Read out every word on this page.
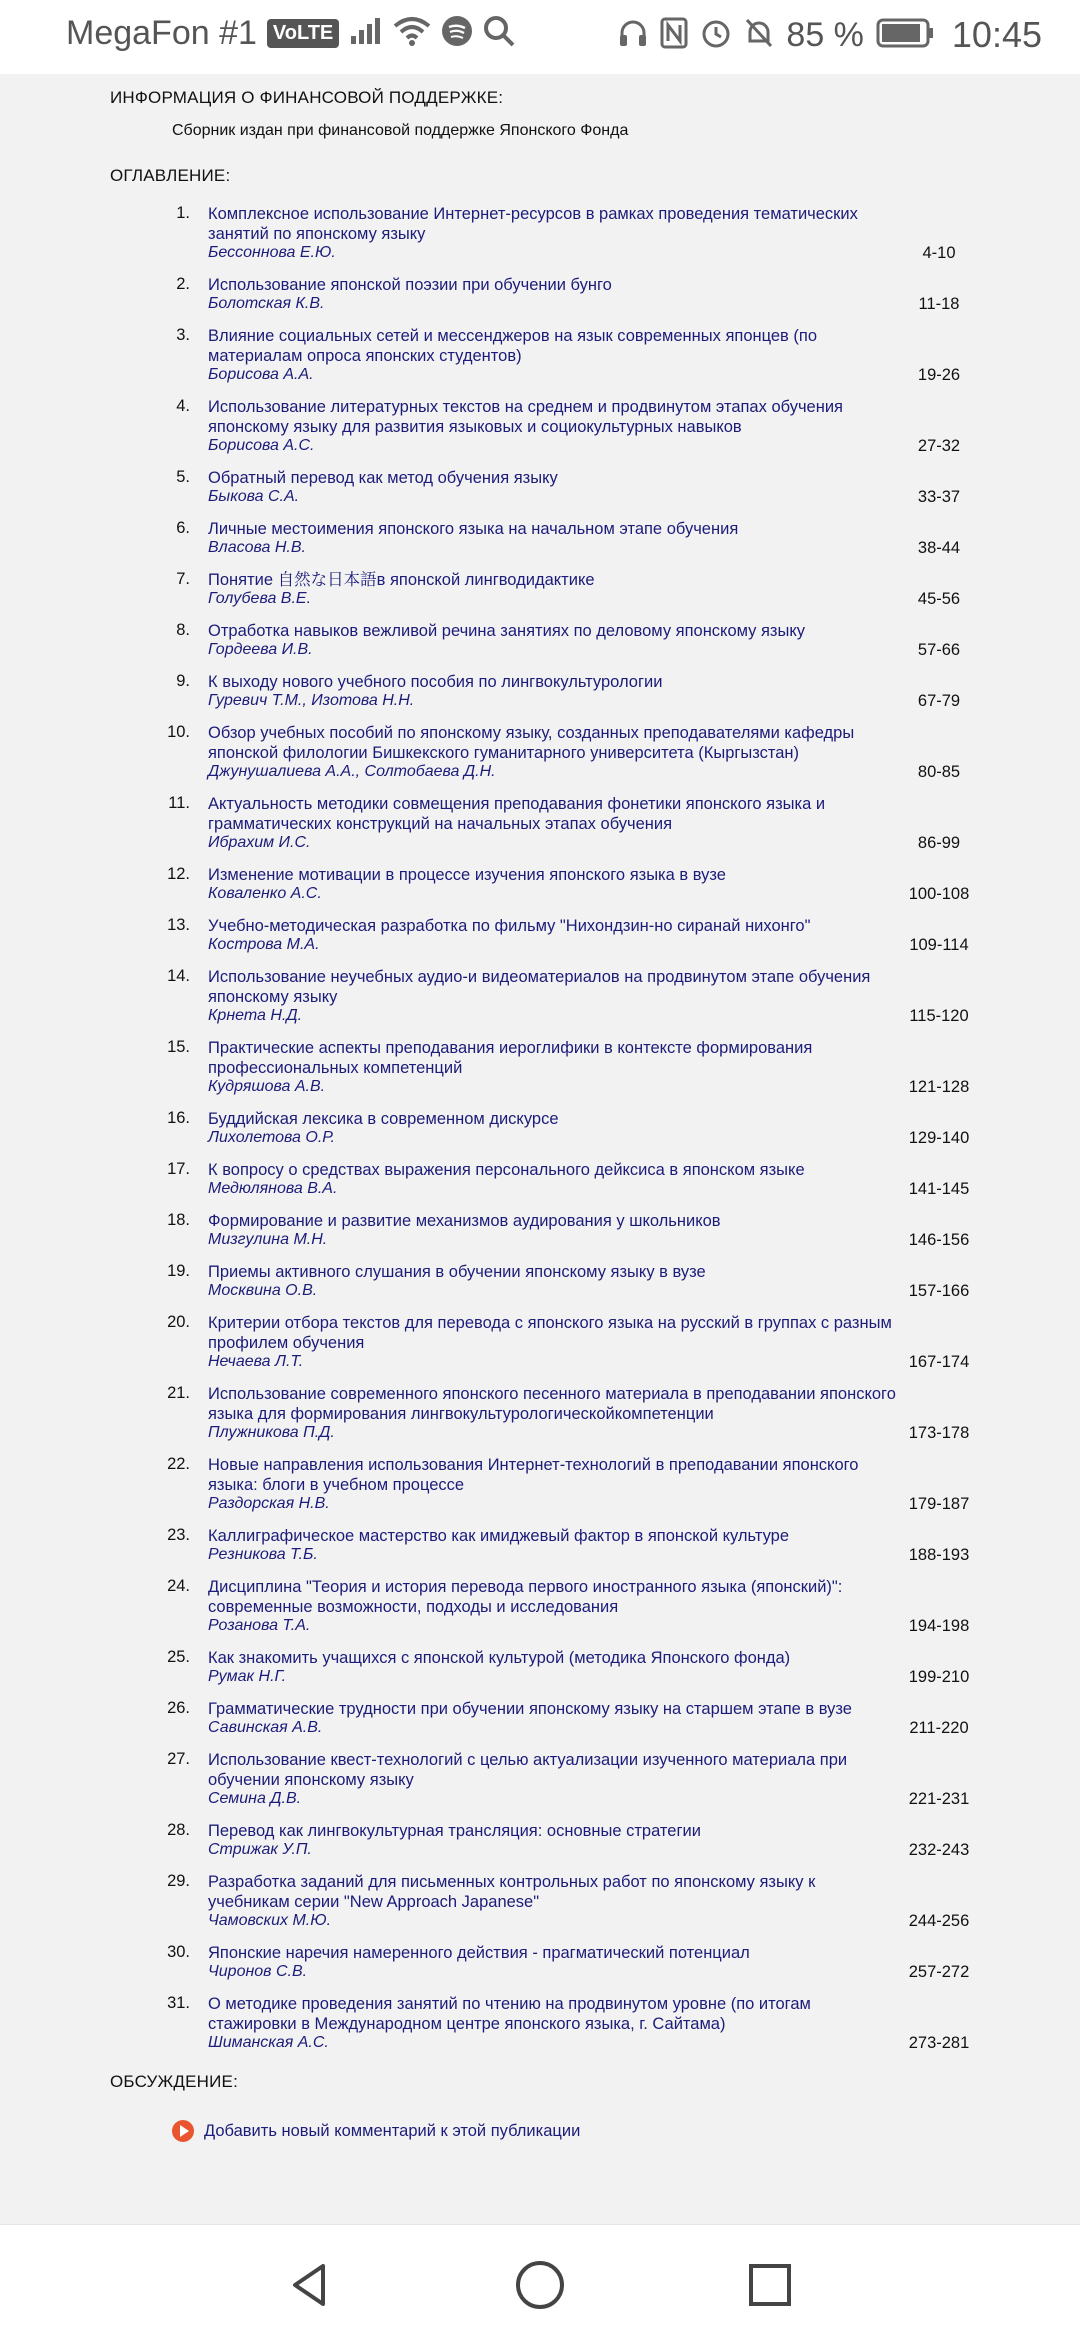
MegaFon #1 VoLTE	85 % 10:45
ИНФОРМАЦИЯ О ФИНАНСОВОЙ ПОДДЕРЖКЕ:
Сборник издан при финансовой поддержке Японского Фонда
ОГЛАВЛЕНИЕ:
1. Комплексное использование Интернет-ресурсов в рамках проведения тематических занятий по японскому языку
Бессоннова Е.Ю.	4-10
2. Использование японской поэзии при обучении бунго
Болотская К.В.	11-18
3. Влияние социальных сетей и мессенджеров на язык современных японцев (по материалам опроса японских студентов)
Борисова А.А.	19-26
4. Использование литературных текстов на среднем и продвинутом этапах обучения японскому языку для развития языковых и социокультурных навыков
Борисова А.С.	27-32
5. Обратный перевод как метод обучения языку
Быкова С.А.	33-37
6. Личные местоимения японского языка на начальном этапе обучения
Власова Н.В.	38-44
7. Понятие 自然な日本語в японской лингводидактике
Голубева В.Е.	45-56
8. Отработка навыков вежливой речина занятиях по деловому японскому языку
Гордеева И.В.	57-66
9. К выходу нового учебного пособия по лингвокультурологии
Гуревич Т.М., Изотова Н.Н.	67-79
10. Обзор учебных пособий по японскому языку, созданных преподавателями кафедры японской филологии Бишкекского гуманитарного университета (Кыргызстан)
Джунушалиева А.А., Солтобаева Д.Н.	80-85
11. Актуальность методики совмещения преподавания фонетики японского языка и грамматических конструкций на начальных этапах обучения
Ибрахим И.С.	86-99
12. Изменение мотивации в процессе изучения японского языка в вузе
Коваленко А.С.	100-108
13. Учебно-методическая разработка по фильму "Нихондзин-но сиранай нихонго"
Кострова М.А.	109-114
14. Использование неучебных аудио-и видеоматериалов на продвинутом этапе обучения японскому языку
Крнета Н.Д.	115-120
15. Практические аспекты преподавания иероглифики в контексте формирования профессиональных компетенций
Кудряшова А.В.	121-128
16. Буддийская лексика в современном дискурсе
Лихолетова О.Р.	129-140
17. К вопросу о средствах выражения персонального дейксиса в японском языке
Медюлянова В.А.	141-145
18. Формирование и развитие механизмов аудирования у школьников
Мизгулина М.Н.	146-156
19. Приемы активного слушания в обучении японскому языку в вузе
Москвина О.В.	157-166
20. Критерии отбора текстов для перевода с японского языка на русский в группах с разным профилем обучения
Нечаева Л.Т.	167-174
21. Использование современного японского песенного материала в преподавании японского языка для формирования лингвокультурологическойкомпетенции
Плужникова П.Д.	173-178
22. Новые направления использования Интернет-технологий в преподавании японского языка: блоги в учебном процессе
Раздорская Н.В.	179-187
23. Каллиграфическое мастерство как имиджевый фактор в японской культуре
Резникова Т.Б.	188-193
24. Дисциплина "Теория и история перевода первого иностранного языка (японский)": современные возможности, подходы и исследования
Розанова Т.А.	194-198
25. Как знакомить учащихся с японской культурой (методика Японского фонда)
Румак Н.Г.	199-210
26. Грамматические трудности при обучении японскому языку на старшем этапе в вузе
Савинская А.В.	211-220
27. Использование квест-технологий с целью актуализации изученного материала при обучении японскому языку
Семина Д.В.	221-231
28. Перевод как лингвокультурная трансляция: основные стратегии
Стрижак У.П.	232-243
29. Разработка заданий для письменных контрольных работ по японскому языку к учебникам серии "New Approach Japanese"
Чамовских М.Ю.	244-256
30. Японские наречия намеренного действия - прагматический потенциал
Чиронов С.В.	257-272
31. О методике проведения занятий по чтению на продвинутом уровне (по итогам стажировки в Международном центре японского языка, г. Сайтама)
Шиманская А.С.	273-281
ОБСУЖДЕНИЕ:
Добавить новый комментарий к этой публикации
